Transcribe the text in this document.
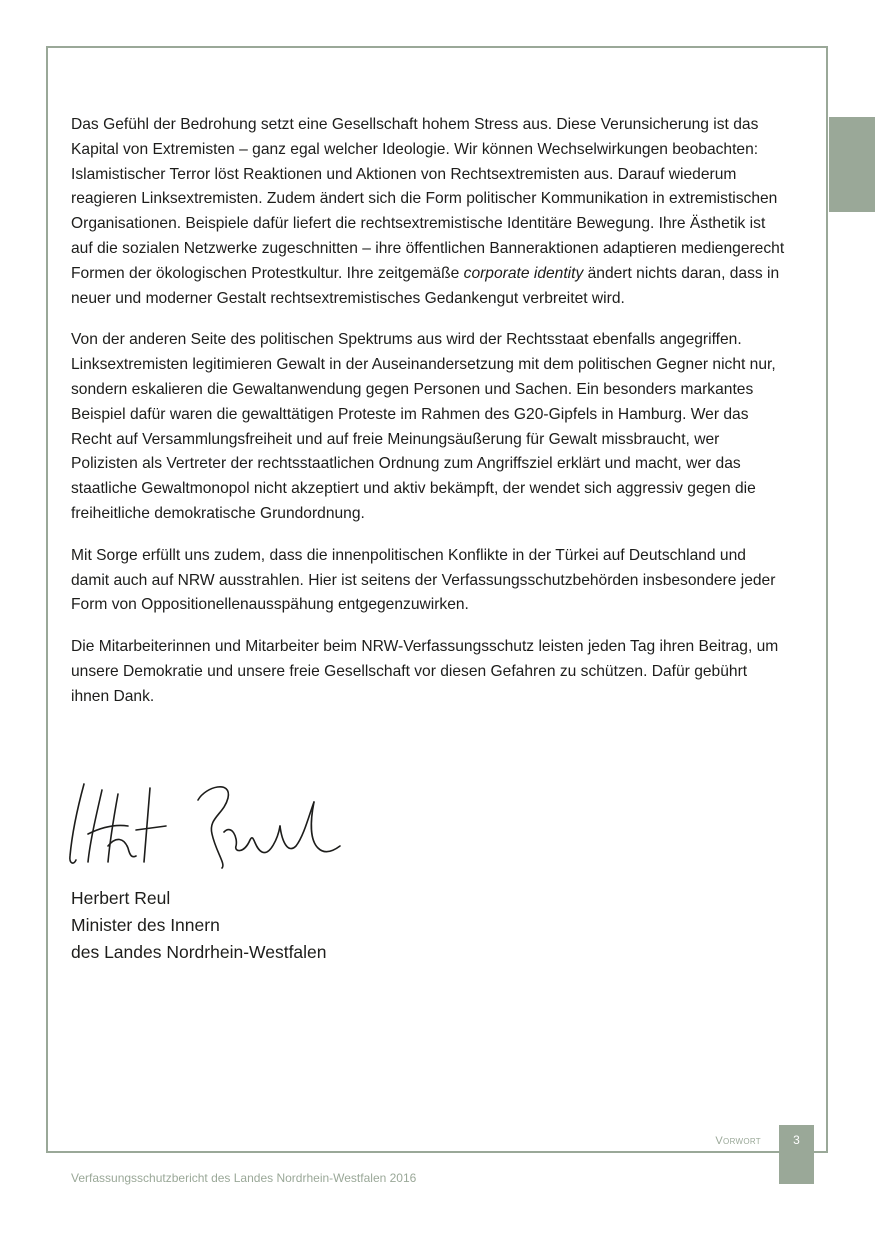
Das Gefühl der Bedrohung setzt eine Gesellschaft hohem Stress aus. Diese Verunsicherung ist das Kapital von Extremisten – ganz egal welcher Ideologie. Wir können Wechselwirkungen beobachten: Islamistischer Terror löst Reaktionen und Aktionen von Rechtsextremisten aus. Darauf wiederum reagieren Linksextremisten. Zudem ändert sich die Form politischer Kommunikation in extremistischen Organisationen. Beispiele dafür liefert die rechtsextremistische Identitäre Bewegung. Ihre Ästhetik ist auf die sozialen Netzwerke zugeschnitten – ihre öffentlichen Banneraktionen adaptieren mediengerecht Formen der ökologischen Protestkultur. Ihre zeitgemäße corporate identity ändert nichts daran, dass in neuer und moderner Gestalt rechtsextremistisches Gedankengut verbreitet wird.

Von der anderen Seite des politischen Spektrums aus wird der Rechtsstaat ebenfalls angegriffen. Linksextremisten legitimieren Gewalt in der Auseinandersetzung mit dem politischen Gegner nicht nur, sondern eskalieren die Gewaltanwendung gegen Personen und Sachen. Ein besonders markantes Beispiel dafür waren die gewalttätigen Proteste im Rahmen des G20-Gipfels in Hamburg. Wer das Recht auf Versammlungsfreiheit und auf freie Meinungsäußerung für Gewalt missbraucht, wer Polizisten als Vertreter der rechtsstaatlichen Ordnung zum Angriffsziel erklärt und macht, wer das staatliche Gewaltmonopol nicht akzeptiert und aktiv bekämpft, der wendet sich aggressiv gegen die freiheitliche demokratische Grundordnung.

Mit Sorge erfüllt uns zudem, dass die innenpolitischen Konflikte in der Türkei auf Deutschland und damit auch auf NRW ausstrahlen. Hier ist seitens der Verfassungsschutzbehörden insbesondere jeder Form von Oppositionellenausspähung entgegenzuwirken.

Die Mitarbeiterinnen und Mitarbeiter beim NRW-Verfassungsschutz leisten jeden Tag ihren Beitrag, um unsere Demokratie und unsere freie Gesellschaft vor diesen Gefahren zu schützen. Dafür gebührt ihnen Dank.

Herbert Reul
Minister des Innern
des Landes Nordrhein-Westfalen
Vorwort	3
Verfassungsschutzbericht des Landes Nordrhein-Westfalen 2016
